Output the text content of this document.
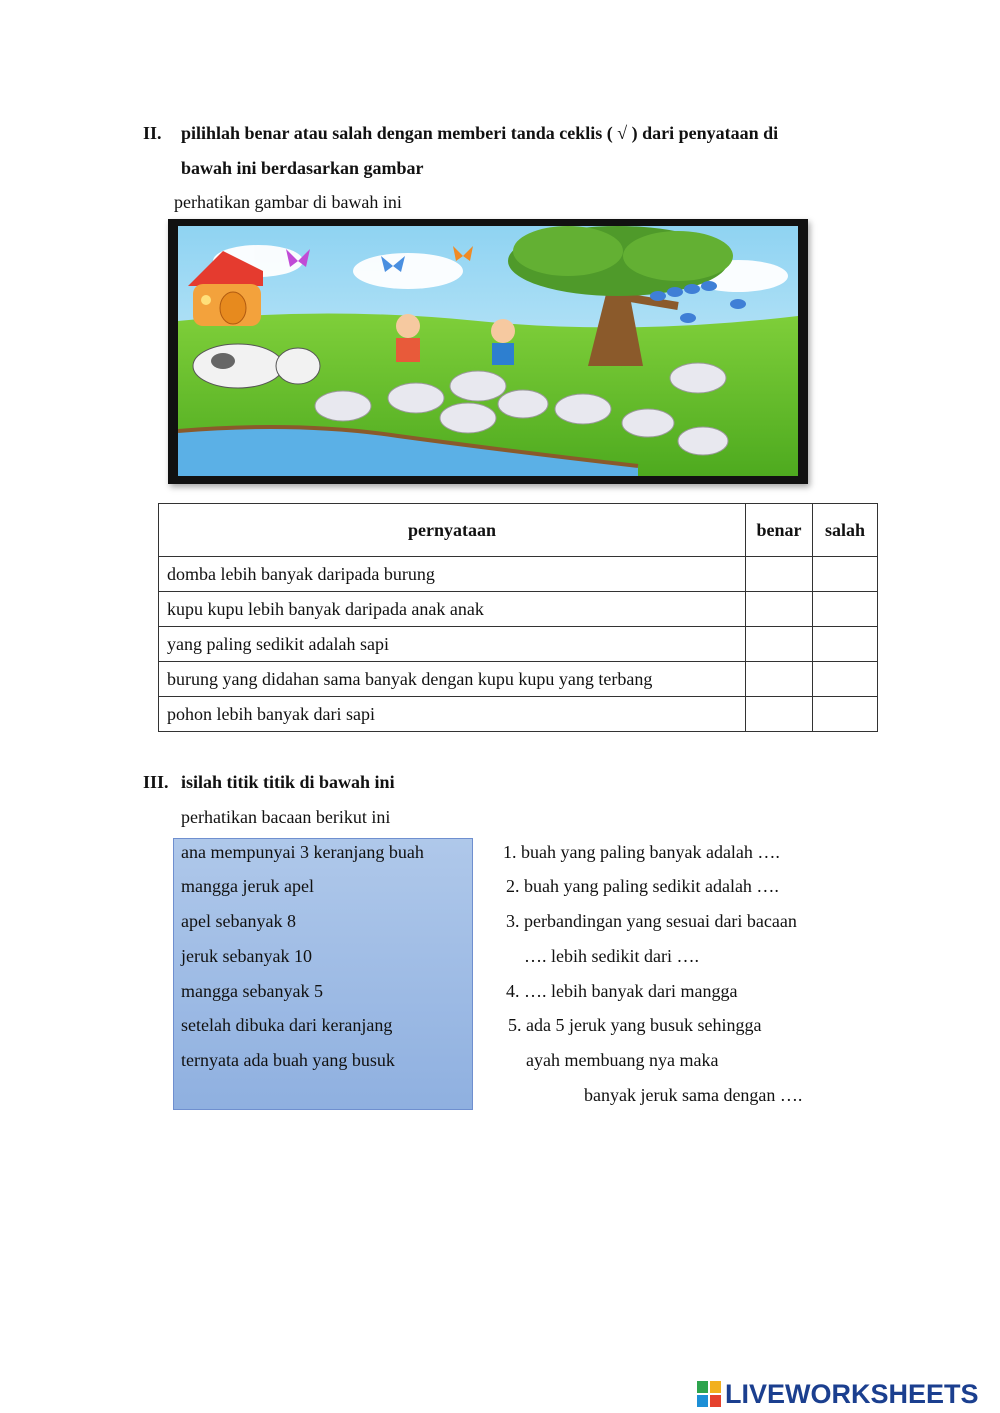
II. pilihlah benar atau salah dengan memberi tanda ceklis ( √ ) dari penyataan di
bawah ini berdasarkan gambar
perhatikan gambar di bawah ini
pernyataan	benar	salah
domba lebih banyak daripada burung		
kupu kupu lebih banyak daripada anak anak		
yang paling sedikit adalah sapi		
burung yang didahan sama banyak dengan kupu kupu yang terbang		
pohon lebih banyak dari sapi		
III. isilah titik titik di bawah ini
perhatikan bacaan berikut ini
ana mempunyai 3 keranjang buah
mangga jeruk apel
apel sebanyak 8
jeruk sebanyak 10
mangga sebanyak 5
setelah dibuka dari keranjang
ternyata ada buah yang busuk
1. buah yang paling banyak adalah ….
2. buah yang paling sedikit adalah ….
3. perbandingan yang sesuai dari bacaan
…. lebih sedikit dari ….
4. …. lebih banyak dari mangga
5. ada 5 jeruk yang busuk sehingga
ayah membuang nya maka
banyak jeruk sama dengan ….
LIVEWORKSHEETS
